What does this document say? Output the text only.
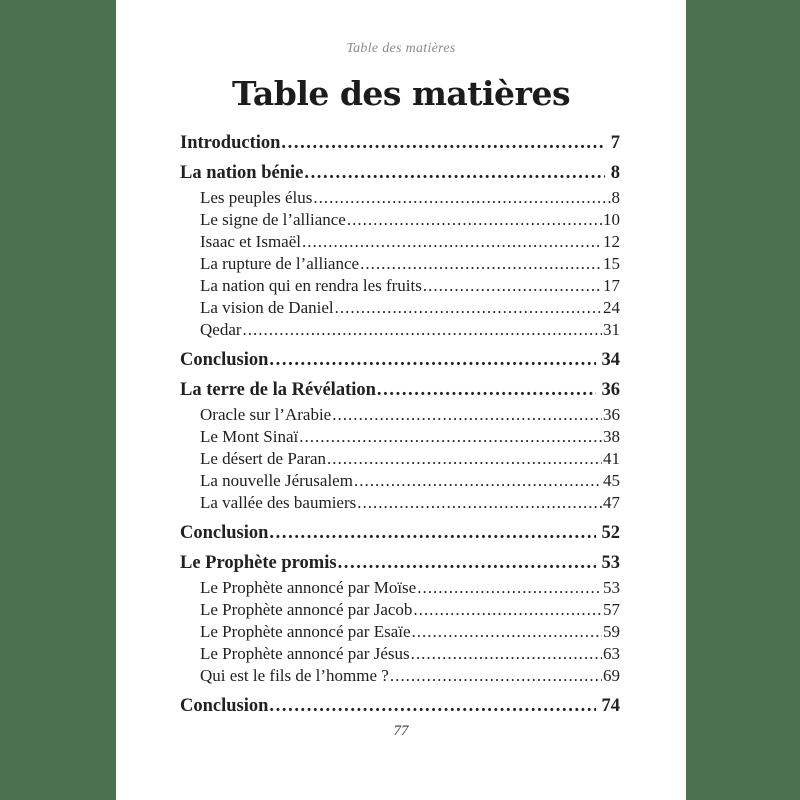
Table des matières
Table des matières
Introduction .....	7
La nation bénie .....	8
Les peuples élus .....	8
Le signe de l’alliance .....	10
Isaac et Ismaël .....	12
La rupture de l’alliance .....	15
La nation qui en rendra les fruits .....	17
La vision de Daniel .....	24
Qedar .....	31
Conclusion .....	34
La terre de la Révélation .....	36
Oracle sur l’Arabie .....	36
Le Mont Sinaï .....	38
Le désert de Paran .....	41
La nouvelle Jérusalem .....	45
La vallée des baumiers .....	47
Conclusion .....	52
Le Prophète promis .....	53
Le Prophète annoncé par Moïse .....	53
Le Prophète annoncé par Jacob .....	57
Le Prophète annoncé par Esaïe .....	59
Le Prophète annoncé par Jésus .....	63
Qui est le fils de l’homme ? .....	69
Conclusion .....	74
77
